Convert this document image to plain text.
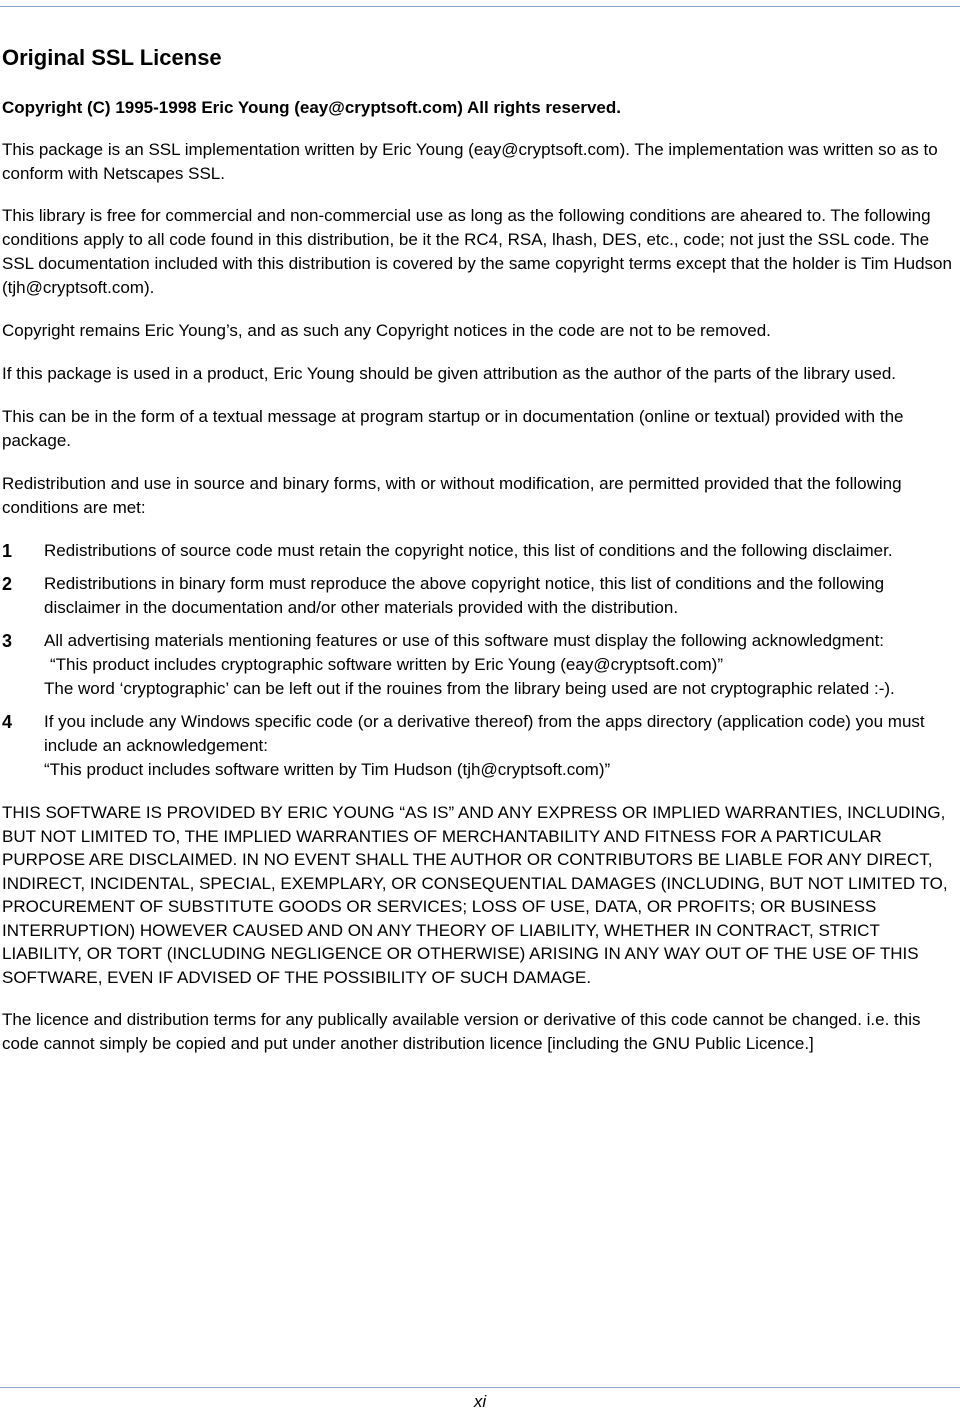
Original SSL License

Copyright (C) 1995-1998 Eric Young (eay@cryptsoft.com) All rights reserved.

This package is an SSL implementation written by Eric Young (eay@cryptsoft.com). The implementation was written so as to conform with Netscapes SSL.

This library is free for commercial and non-commercial use as long as the following conditions are aheared to. The following conditions apply to all code found in this distribution, be it the RC4, RSA, lhash, DES, etc., code; not just the SSL code. The SSL documentation included with this distribution is covered by the same copyright terms except that the holder is Tim Hudson (tjh@cryptsoft.com).

Copyright remains Eric Young’s, and as such any Copyright notices in the code are not to be removed.

If this package is used in a product, Eric Young should be given attribution as the author of the parts of the library used.

This can be in the form of a textual message at program startup or in documentation (online or textual) provided with the package.

Redistribution and use in source and binary forms, with or without modification, are permitted provided that the following conditions are met:

1	Redistributions of source code must retain the copyright notice, this list of conditions and the following disclaimer.
2	Redistributions in binary form must reproduce the above copyright notice, this list of conditions and the following disclaimer in the documentation and/or other materials provided with the distribution.
3	All advertising materials mentioning features or use of this software must display the following acknowledgment:
“This product includes cryptographic software written by Eric Young (eay@cryptsoft.com)”
The word ‘cryptographic’ can be left out if the rouines from the library being used are not cryptographic related :-).
4	If you include any Windows specific code (or a derivative thereof) from the apps directory (application code) you must include an acknowledgement:
“This product includes software written by Tim Hudson (tjh@cryptsoft.com)”

THIS SOFTWARE IS PROVIDED BY ERIC YOUNG “AS IS” AND ANY EXPRESS OR IMPLIED WARRANTIES, INCLUDING, BUT NOT LIMITED TO, THE IMPLIED WARRANTIES OF MERCHANTABILITY AND FITNESS FOR A PARTICULAR PURPOSE ARE DISCLAIMED. IN NO EVENT SHALL THE AUTHOR OR CONTRIBUTORS BE LIABLE FOR ANY DIRECT, INDIRECT, INCIDENTAL, SPECIAL, EXEMPLARY, OR CONSEQUENTIAL DAMAGES (INCLUDING, BUT NOT LIMITED TO, PROCUREMENT OF SUBSTITUTE GOODS OR SERVICES; LOSS OF USE, DATA, OR PROFITS; OR BUSINESS INTERRUPTION) HOWEVER CAUSED AND ON ANY THEORY OF LIABILITY, WHETHER IN CONTRACT, STRICT LIABILITY, OR TORT (INCLUDING NEGLIGENCE OR OTHERWISE) ARISING IN ANY WAY OUT OF THE USE OF THIS SOFTWARE, EVEN IF ADVISED OF THE POSSIBILITY OF SUCH DAMAGE.

The licence and distribution terms for any publically available version or derivative of this code cannot be changed. i.e. this code cannot simply be copied and put under another distribution licence [including the GNU Public Licence.]

xi
